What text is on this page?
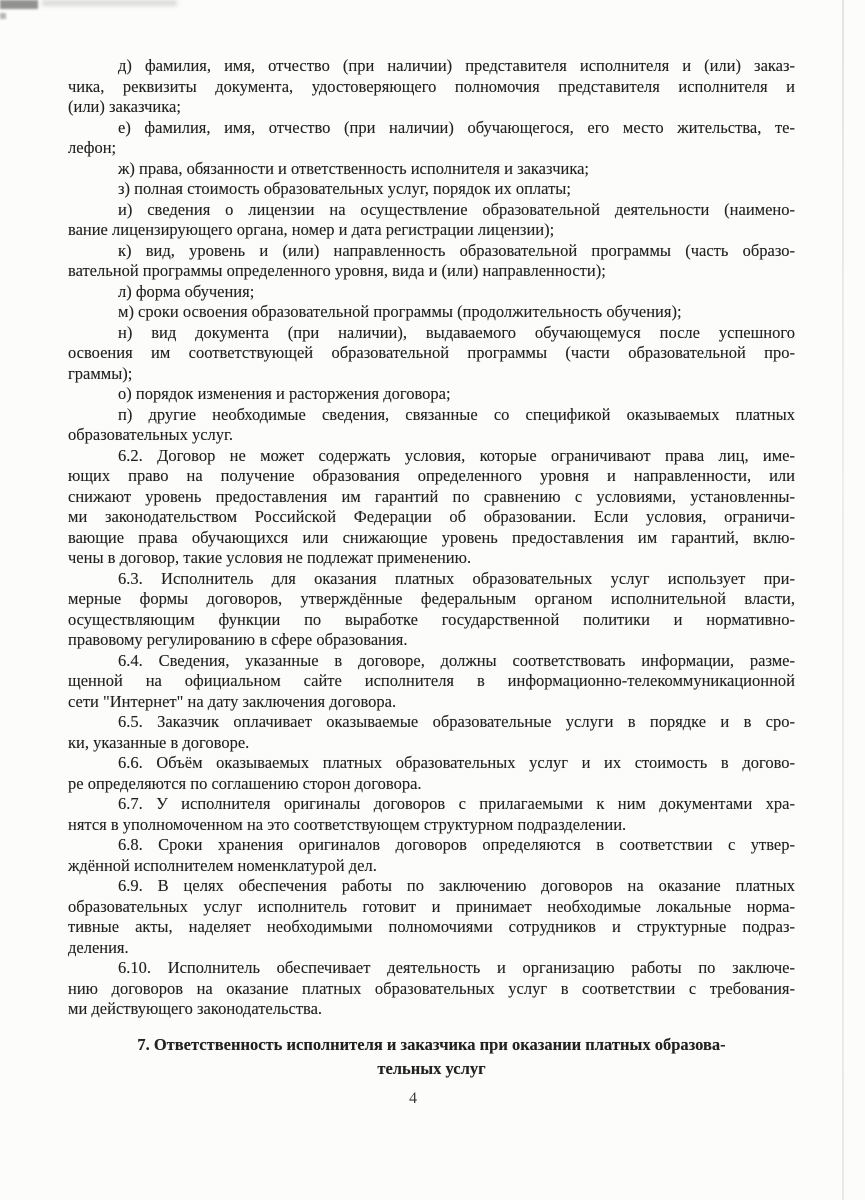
д) фамилия, имя, отчество (при наличии) представителя исполнителя и (или) заказ-
чика, реквизиты документа, удостоверяющего полномочия представителя исполнителя и
(или) заказчика;
е) фамилия, имя, отчество (при наличии) обучающегося, его место жительства, те-
лефон;
ж) права, обязанности и ответственность исполнителя и заказчика;
з) полная стоимость образовательных услуг, порядок их оплаты;
и) сведения о лицензии на осуществление образовательной деятельности (наимено-
вание лицензирующего органа, номер и дата регистрации лицензии);
к) вид, уровень и (или) направленность образовательной программы (часть образо-
вательной программы определенного уровня, вида и (или) направленности);
л) форма обучения;
м) сроки освоения образовательной программы (продолжительность обучения);
н) вид документа (при наличии), выдаваемого обучающемуся после успешного
освоения им соответствующей образовательной программы (части образовательной про-
граммы);
о) порядок изменения и расторжения договора;
п) другие необходимые сведения, связанные со спецификой оказываемых платных
образовательных услуг.
6.2. Договор не может содержать условия, которые ограничивают права лиц, име-
ющих право на получение образования определенного уровня и направленности, или
снижают уровень предоставления им гарантий по сравнению с условиями, установленны-
ми законодательством Российской Федерации об образовании. Если условия, ограничи-
вающие права обучающихся или снижающие уровень предоставления им гарантий, вклю-
чены в договор, такие условия не подлежат применению.
6.3. Исполнитель для оказания платных образовательных услуг использует при-
мерные формы договоров, утверждённые федеральным органом исполнительной власти,
осуществляющим функции по выработке государственной политики и нормативно-
правовому регулированию в сфере образования.
6.4. Сведения, указанные в договоре, должны соответствовать информации, разме-
щенной на официальном сайте исполнителя в информационно-телекоммуникационной
сети "Интернет" на дату заключения договора.
6.5. Заказчик оплачивает оказываемые образовательные услуги в порядке и в сро-
ки, указанные в договоре.
6.6. Объём оказываемых платных образовательных услуг и их стоимость в догово-
ре определяются по соглашению сторон договора.
6.7. У исполнителя оригиналы договоров с прилагаемыми к ним документами хра-
нятся в уполномоченном на это соответствующем структурном подразделении.
6.8. Сроки хранения оригиналов договоров определяются в соответствии с утвер-
ждённой исполнителем номенклатурой дел.
6.9. В целях обеспечения работы по заключению договоров на оказание платных
образовательных услуг исполнитель готовит и принимает необходимые локальные норма-
тивные акты, наделяет необходимыми полномочиями сотрудников и структурные подраз-
деления.
6.10. Исполнитель обеспечивает деятельность и организацию работы по заключе-
нию договоров на оказание платных образовательных услуг в соответствии с требования-
ми действующего законодательства.
7. Ответственность исполнителя и заказчика при оказании платных образова-
тельных услуг
4
